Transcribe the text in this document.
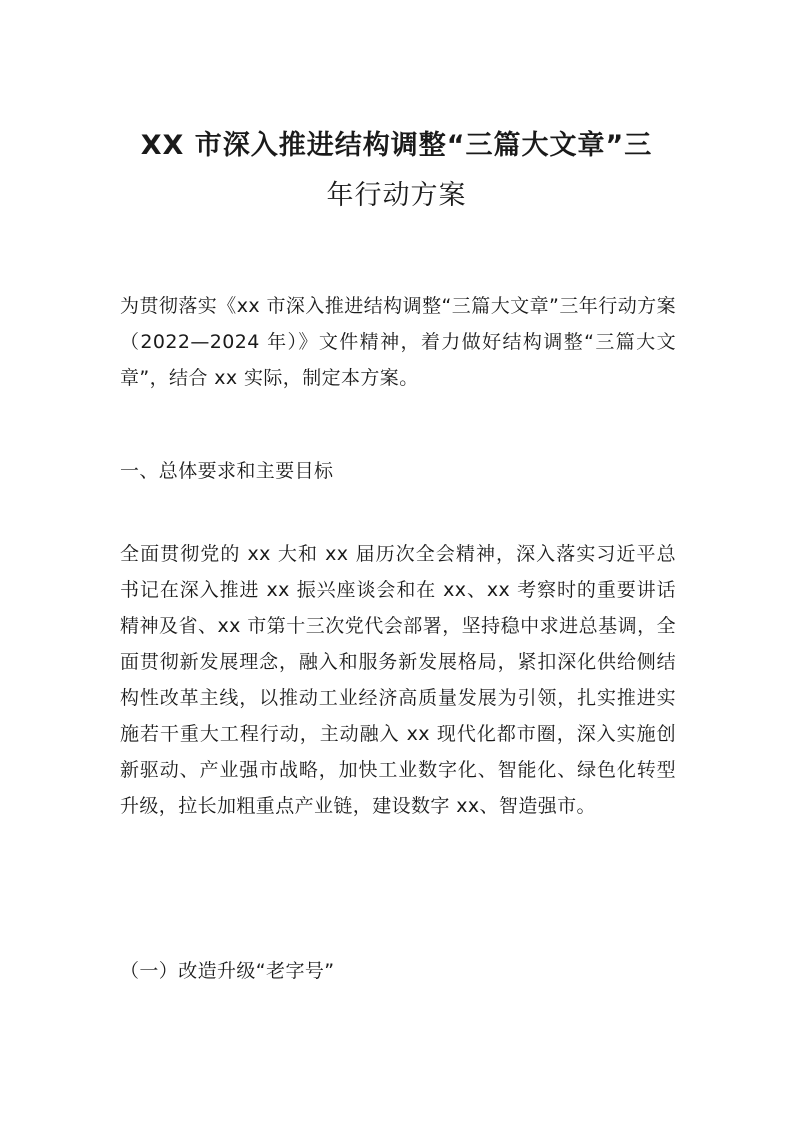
XX 市深入推进结构调整“三篇大文章”三
年行动方案
为贯彻落实《xx 市深入推进结构调整“三篇大文章”三年行动方案（2022—2024 年）》文件精神，着力做好结构调整“三篇大文章”，结合 xx 实际，制定本方案。
一、总体要求和主要目标
全面贯彻党的 xx 大和 xx 届历次全会精神，深入落实习近平总书记在深入推进 xx 振兴座谈会和在 xx、xx 考察时的重要讲话精神及省、xx 市第十三次党代会部署，坚持稳中求进总基调，全面贯彻新发展理念，融入和服务新发展格局，紧扣深化供给侧结构性改革主线，以推动工业经济高质量发展为引领，扎实推进实施若干重大工程行动，主动融入 xx 现代化都市圈，深入实施创新驱动、产业强市战略，加快工业数字化、智能化、绿色化转型升级，拉长加粗重点产业链，建设数字 xx、智造强市。
（一）改造升级“老字号”
